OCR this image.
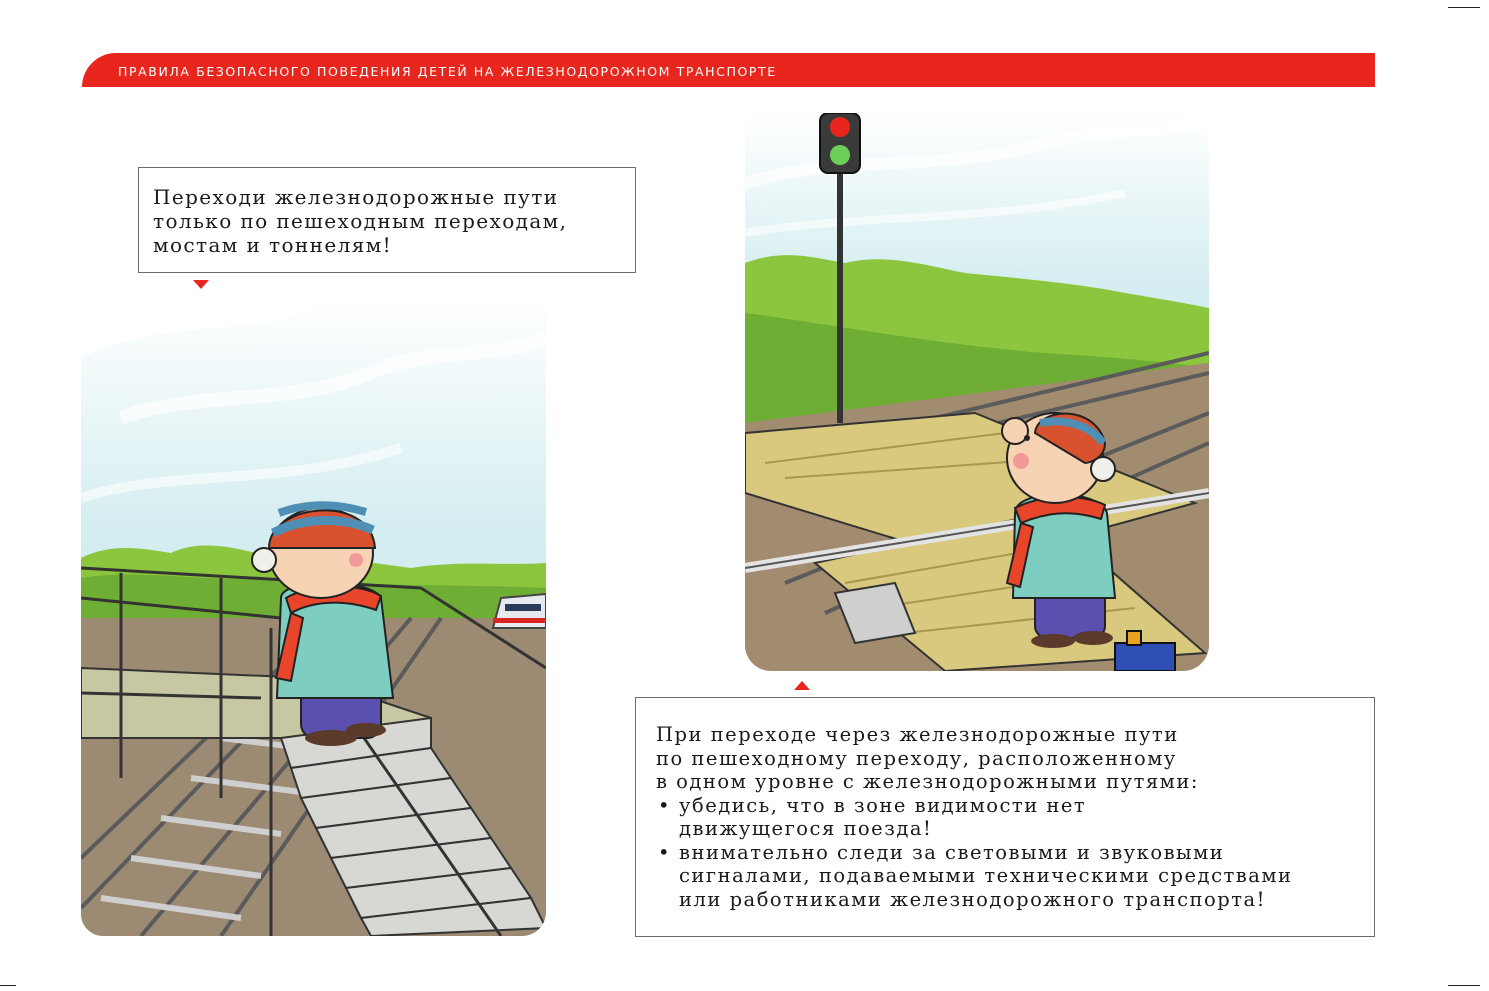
ПРАВИЛА БЕЗОПАСНОГО ПОВЕДЕНИЯ ДЕТЕЙ НА ЖЕЛЕЗНОДОРОЖНОМ ТРАНСПОРТЕ

Переходи железнодорожные пути
только по пешеходным переходам,
мостам и тоннелям!

При переходе через железнодорожные пути
по пешеходному переходу, расположенному
в одном уровне с железнодорожными путями:

• убедись, что в зоне видимости нет
движущегося поезда!
• внимательно следи за световыми и звуковыми
сигналами, подаваемыми техническими средствами
или работниками железнодорожного транспорта!
